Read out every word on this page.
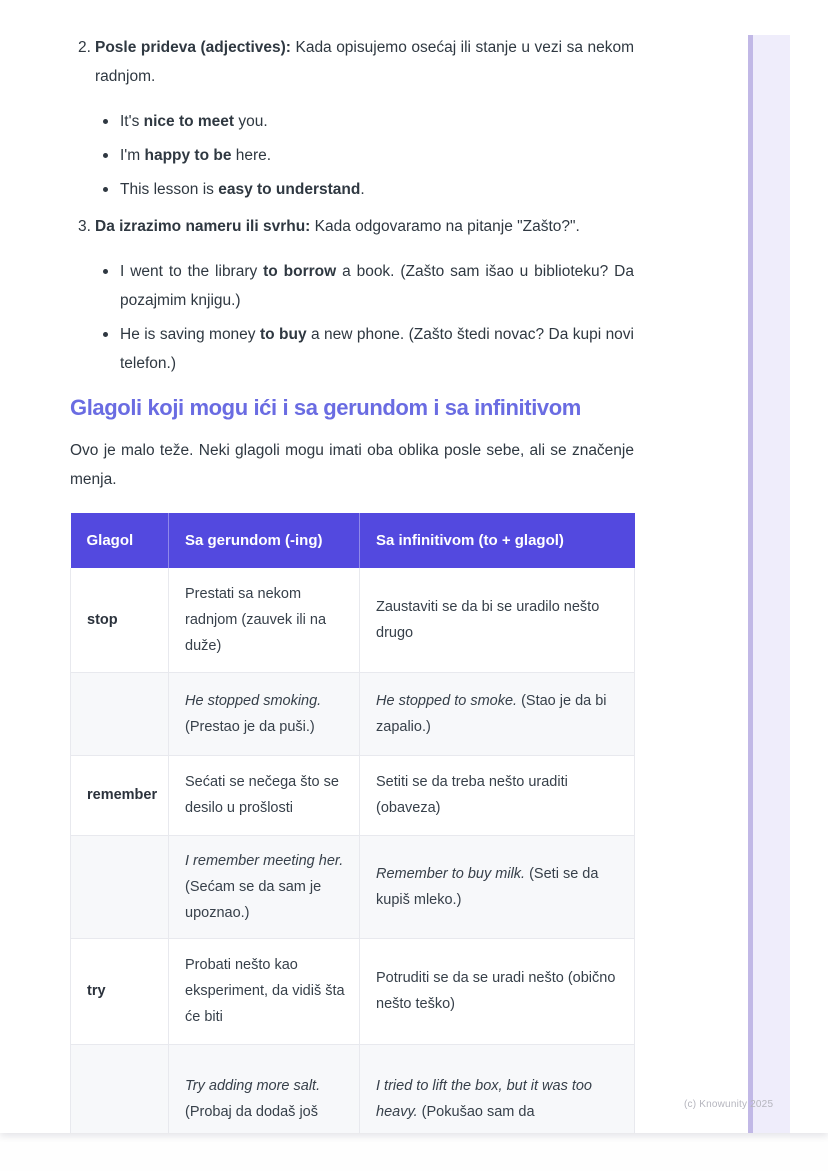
2. Posle prideva (adjectives): Kada opisujemo osećaj ili stanje u vezi sa nekom radnjom.

It's nice to meet you.

I'm happy to be here.

This lesson is easy to understand.

3. Da izrazimo nameru ili svrhu: Kada odgovaramo na pitanje "Zašto?".

I went to the library to borrow a book. (Zašto sam išao u biblioteku? Da pozajmim knjigu.)

He is saving money to buy a new phone. (Zašto štedi novac? Da kupi novi telefon.)

Glagoli koji mogu ići i sa gerundom i sa infinitivom

Ovo je malo teže. Neki glagoli mogu imati oba oblika posle sebe, ali se značenje menja.

Glagol	Sa gerundom (-ing)	Sa infinitivom (to + glagol)
stop	Prestati sa nekom radnjom (zauvek ili na duže)	Zaustaviti se da bi se uradilo nešto drugo
	He stopped smoking. (Prestao je da puši.)	He stopped to smoke. (Stao je da bi zapalio.)
remember	Sećati se nečega što se desilo u prošlosti	Setiti se da treba nešto uraditi (obaveza)
	I remember meeting her. (Sećam se da sam je upoznao.)	Remember to buy milk. (Seti se da kupiš mleko.)
try	Probati nešto kao eksperiment, da vidiš šta će biti	Potruditi se da se uradi nešto (obično nešto teško)
	Try adding more salt. (Probaj da dodaš još	I tried to lift the box, but it was too heavy. (Pokušao sam da	(c) Knowunity 2025
